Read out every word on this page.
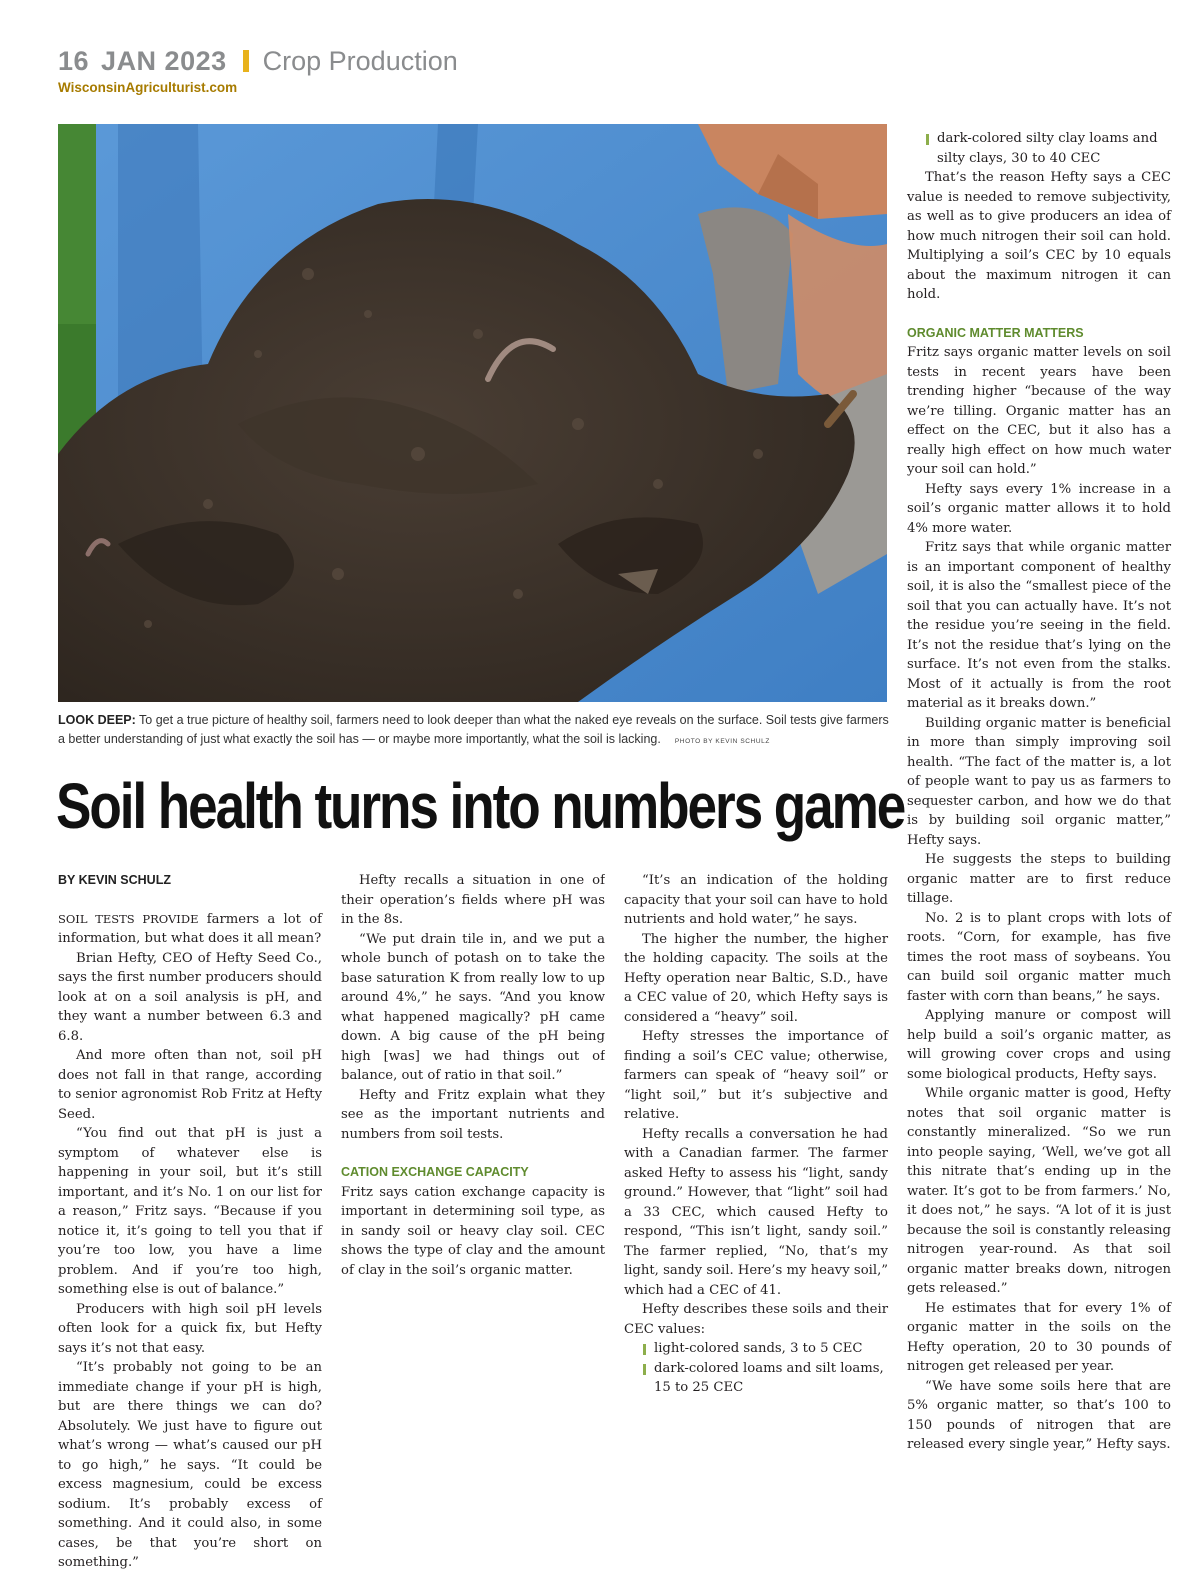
16 JAN 2023 Crop Production
WisconsinAgriculturist.com
LOOK DEEP: To get a true picture of healthy soil, farmers need to look deeper than what the naked eye reveals on the surface. Soil tests give farmers a better understanding of just what exactly the soil has — or maybe more importantly, what the soil is lacking. PHOTO BY KEVIN SCHULZ
Soil health turns into numbers game
BY KEVIN SCHULZ

SOIL TESTS PROVIDE farmers a lot of information, but what does it all mean?

Brian Hefty, CEO of Hefty Seed Co., says the first number producers should look at on a soil analysis is pH, and they want a number between 6.3 and 6.8.

And more often than not, soil pH does not fall in that range, according to senior agronomist Rob Fritz at Hefty Seed.

“You find out that pH is just a symptom of whatever else is happening in your soil, but it’s still important, and it’s No. 1 on our list for a reason,” Fritz says. “Because if you notice it, it’s going to tell you that if you’re too low, you have a lime problem. And if you’re too high, something else is out of balance.”

Producers with high soil pH levels often look for a quick fix, but Hefty says it’s not that easy.

“It’s probably not going to be an immediate change if your pH is high, but are there things we can do? Absolutely. We just have to figure out what’s wrong — what’s caused our pH to go high,” he says. “It could be excess magnesium, could be excess sodium. It’s probably excess of something. And it could also, in some cases, be that you’re short on something.”

Hefty recalls a situation in one of their operation’s fields where pH was in the 8s.

“We put drain tile in, and we put a whole bunch of potash on to take the base saturation K from really low to up around 4%,” he says. “And you know what happened magically? pH came down. A big cause of the pH being high [was] we had things out of balance, out of ratio in that soil.”

Hefty and Fritz explain what they see as the important nutrients and numbers from soil tests.

CATION EXCHANGE CAPACITY

Fritz says cation exchange capacity is important in determining soil type, as in sandy soil or heavy clay soil. CEC shows the type of clay and the amount of clay in the soil’s organic matter.

“It’s an indication of the holding capacity that your soil can have to hold nutrients and hold water,” he says.

The higher the number, the higher the holding capacity. The soils at the Hefty operation near Baltic, S.D., have a CEC value of 20, which Hefty says is considered a “heavy” soil.

Hefty stresses the importance of finding a soil’s CEC value; otherwise, farmers can speak of “heavy soil” or “light soil,” but it’s subjective and relative.

Hefty recalls a conversation he had with a Canadian farmer. The farmer asked Hefty to assess his “light, sandy ground.” However, that “light” soil had a 33 CEC, which caused Hefty to respond, “This isn’t light, sandy soil.” The farmer replied, “No, that’s my light, sandy soil. Here’s my heavy soil,” which had a CEC of 41.

Hefty describes these soils and their CEC values:

light-colored sands, 3 to 5 CEC
dark-colored loams and silt loams, 15 to 25 CEC
dark-colored silty clay loams and silty clays, 30 to 40 CEC

That’s the reason Hefty says a CEC value is needed to remove subjectivity, as well as to give producers an idea of how much nitrogen their soil can hold. Multiplying a soil’s CEC by 10 equals about the maximum nitrogen it can hold.

ORGANIC MATTER MATTERS

Fritz says organic matter levels on soil tests in recent years have been trending higher “because of the way we’re tilling. Organic matter has an effect on the CEC, but it also has a really high effect on how much water your soil can hold.”

Hefty says every 1% increase in a soil’s organic matter allows it to hold 4% more water.

Fritz says that while organic matter is an important component of healthy soil, it is also the “smallest piece of the soil that you can actually have. It’s not the residue you’re seeing in the field. It’s not the residue that’s lying on the surface. It’s not even from the stalks. Most of it actually is from the root material as it breaks down.”

Building organic matter is beneficial in more than simply improving soil health. “The fact of the matter is, a lot of people want to pay us as farmers to sequester carbon, and how we do that is by building soil organic matter,” Hefty says.

He suggests the steps to building organic matter are to first reduce tillage.

No. 2 is to plant crops with lots of roots. “Corn, for example, has five times the root mass of soybeans. You can build soil organic matter much faster with corn than beans,” he says.

Applying manure or compost will help build a soil’s organic matter, as will growing cover crops and using some biological products, Hefty says.

While organic matter is good, Hefty notes that soil organic matter is constantly mineralized. “So we run into people saying, ‘Well, we’ve got all this nitrate that’s ending up in the water. It’s got to be from farmers.’ No, it does not,” he says. “A lot of it is just because the soil is constantly releasing nitrogen year-round. As that soil organic matter breaks down, nitrogen gets released.”

He estimates that for every 1% of organic matter in the soils on the Hefty operation, 20 to 30 pounds of nitrogen get released per year.

“We have some soils here that are 5% organic matter, so that’s 100 to 150 pounds of nitrogen that are released every single year,” Hefty says.
